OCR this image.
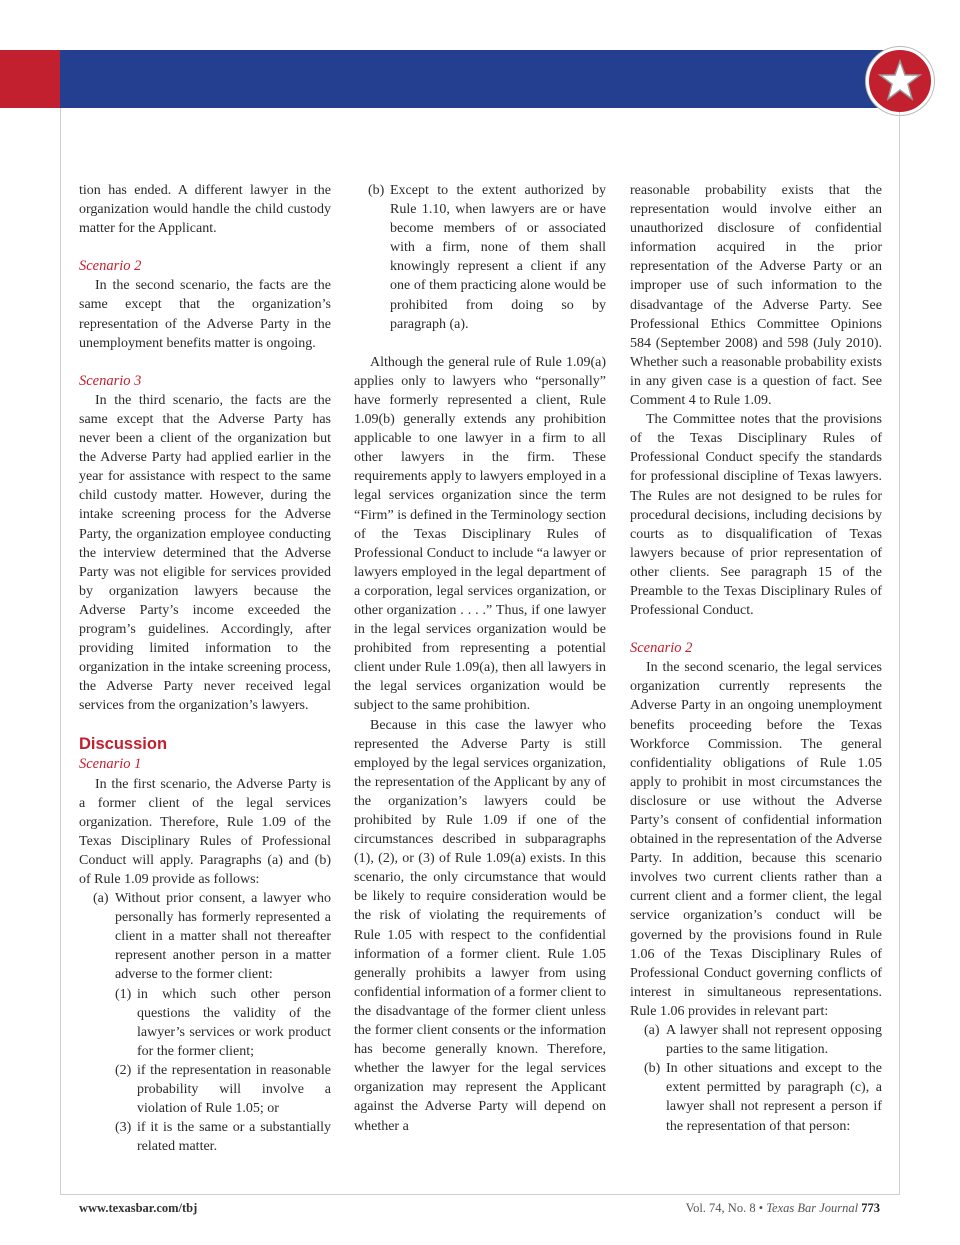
tion has ended. A different lawyer in the organization would handle the child custody matter for the Applicant.

Scenario 2

In the second scenario, the facts are the same except that the organization’s representation of the Adverse Party in the unemployment benefits matter is ongoing.

Scenario 3

In the third scenario, the facts are the same except that the Adverse Party has never been a client of the organization but the Adverse Party had applied earlier in the year for assistance with respect to the same child custody matter. However, during the intake screening process for the Adverse Party, the organization employee conducting the interview determined that the Adverse Party was not eligible for services provided by organization lawyers because the Adverse Party’s income exceeded the program’s guidelines. Accordingly, after providing limited information to the organization in the intake screening process, the Adverse Party never received legal services from the organization’s lawyers.

Discussion

Scenario 1

In the first scenario, the Adverse Party is a former client of the legal services organization. Therefore, Rule 1.09 of the Texas Disciplinary Rules of Professional Conduct will apply. Paragraphs (a) and (b) of Rule 1.09 provide as follows:

(a) Without prior consent, a lawyer who personally has formerly represented a client in a matter shall not thereafter represent another person in a matter adverse to the former client:
(1) in which such other person questions the validity of the lawyer’s services or work product for the former client;
(2) if the representation in reasonable probability will involve a violation of Rule 1.05; or
(3) if it is the same or a substantially related matter.
(b) Except to the extent authorized by Rule 1.10, when lawyers are or have become members of or associated with a firm, none of them shall knowingly represent a client if any one of them practicing alone would be prohibited from doing so by paragraph (a).

Although the general rule of Rule 1.09(a) applies only to lawyers who “personally” have formerly represented a client, Rule 1.09(b) generally extends any prohibition applicable to one lawyer in a firm to all other lawyers in the firm. These requirements apply to lawyers employed in a legal services organization since the term “Firm” is defined in the Terminology section of the Texas Disciplinary Rules of Professional Conduct to include “a lawyer or lawyers employed in the legal department of a corporation, legal services organization, or other organization . . . .” Thus, if one lawyer in the legal services organization would be prohibited from representing a potential client under Rule 1.09(a), then all lawyers in the legal services organization would be subject to the same prohibition.

Because in this case the lawyer who represented the Adverse Party is still employed by the legal services organization, the representation of the Applicant by any of the organization’s lawyers could be prohibited by Rule 1.09 if one of the circumstances described in subparagraphs (1), (2), or (3) of Rule 1.09(a) exists. In this scenario, the only circumstance that would be likely to require consideration would be the risk of violating the requirements of Rule 1.05 with respect to the confidential information of a former client. Rule 1.05 generally prohibits a lawyer from using confidential information of a former client to the disadvantage of the former client unless the former client consents or the information has become generally known. Therefore, whether the lawyer for the legal services organization may represent the Applicant against the Adverse Party will depend on whether a

reasonable probability exists that the representation would involve either an unauthorized disclosure of confidential information acquired in the prior representation of the Adverse Party or an improper use of such information to the disadvantage of the Adverse Party. See Professional Ethics Committee Opinions 584 (September 2008) and 598 (July 2010). Whether such a reasonable probability exists in any given case is a question of fact. See Comment 4 to Rule 1.09.

The Committee notes that the provisions of the Texas Disciplinary Rules of Professional Conduct specify the standards for professional discipline of Texas lawyers. The Rules are not designed to be rules for procedural decisions, including decisions by courts as to disqualification of Texas lawyers because of prior representation of other clients. See paragraph 15 of the Preamble to the Texas Disciplinary Rules of Professional Conduct.

Scenario 2

In the second scenario, the legal services organization currently represents the Adverse Party in an ongoing unemployment benefits proceeding before the Texas Workforce Commission. The general confidentiality obligations of Rule 1.05 apply to prohibit in most circumstances the disclosure or use without the Adverse Party’s consent of confidential information obtained in the representation of the Adverse Party. In addition, because this scenario involves two current clients rather than a current client and a former client, the legal service organization’s conduct will be governed by the provisions found in Rule 1.06 of the Texas Disciplinary Rules of Professional Conduct governing conflicts of interest in simultaneous representations. Rule 1.06 provides in relevant part:

(a) A lawyer shall not represent opposing parties to the same litigation.
(b) In other situations and except to the extent permitted by paragraph (c), a lawyer shall not represent a person if the representation of that person:
www.texasbar.com/tbj	Vol. 74, No. 8 • Texas Bar Journal 773
